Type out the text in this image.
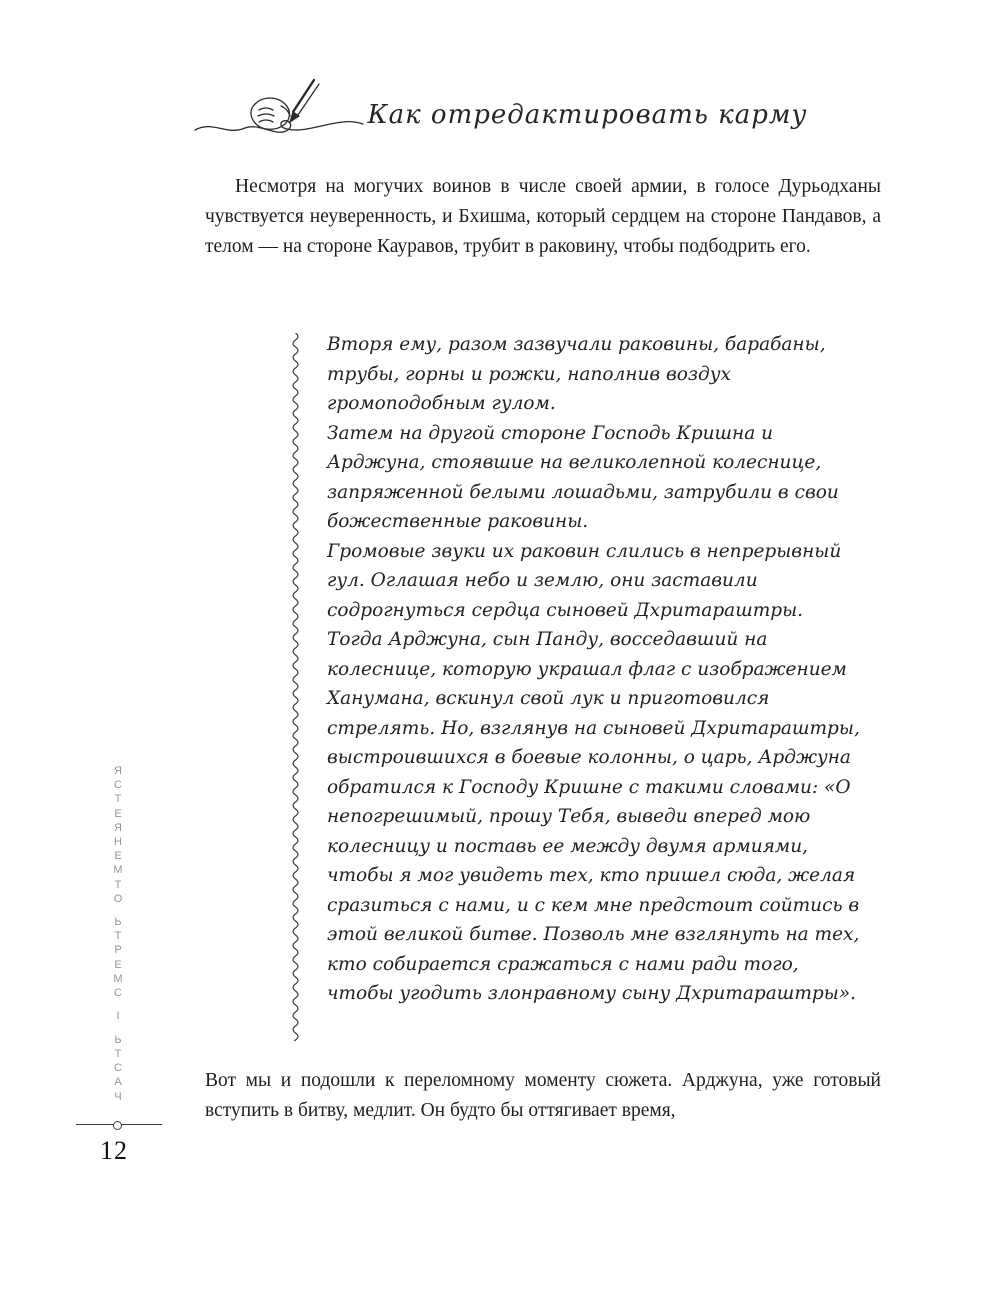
Как отредактировать карму

Несмотря на могучих воинов в числе своей армии, в голосе Дурьодханы чувствуется неуверенность, и Бхишма, который сердцем на стороне Пандавов, а телом — на стороне Кауравов, трубит в раковину, чтобы подбодрить его.

Вторя ему, разом зазвучали раковины, барабаны, трубы, горны и рожки, наполнив воздух громоподобным гулом.

Затем на другой стороне Господь Кришна и Арджуна, стоявшие на великолепной колеснице, запряженной белыми лошадьми, затрубили в свои божественные раковины.

Громовые звуки их раковин слились в непрерывный гул. Оглашая небо и землю, они заставили содрогнуться сердца сыновей Дхритараштры.

Тогда Арджуна, сын Панду, восседавший на колеснице, которую украшал флаг с изображением Ханумана, вскинул свой лук и приготовился стрелять. Но, взглянув на сыновей Дхритараштры, выстроившихся в боевые колонны, о царь, Арджуна обратился к Господу Кришне с такими словами: «О непогрешимый, прошу Тебя, выведи вперед мою колесницу и поставь ее между двумя армиями, чтобы я мог увидеть тех, кто пришел сюда, желая сразиться с нами, и с кем мне предстоит сойтись в этой великой битве. Позволь мне взглянуть на тех, кто собирается сражаться с нами ради того, чтобы угодить злонравному сыну Дхритараштры».

Вот мы и подошли к переломному моменту сюжета. Арджуна, уже готовый вступить в битву, медлит. Он будто бы оттягивает время,

Я
С
Т
Е
Я
Н
Е
М
Т
О
Ь
Т
Р
Е
М
С
I
Ь
Т
С
А
Ч
12
